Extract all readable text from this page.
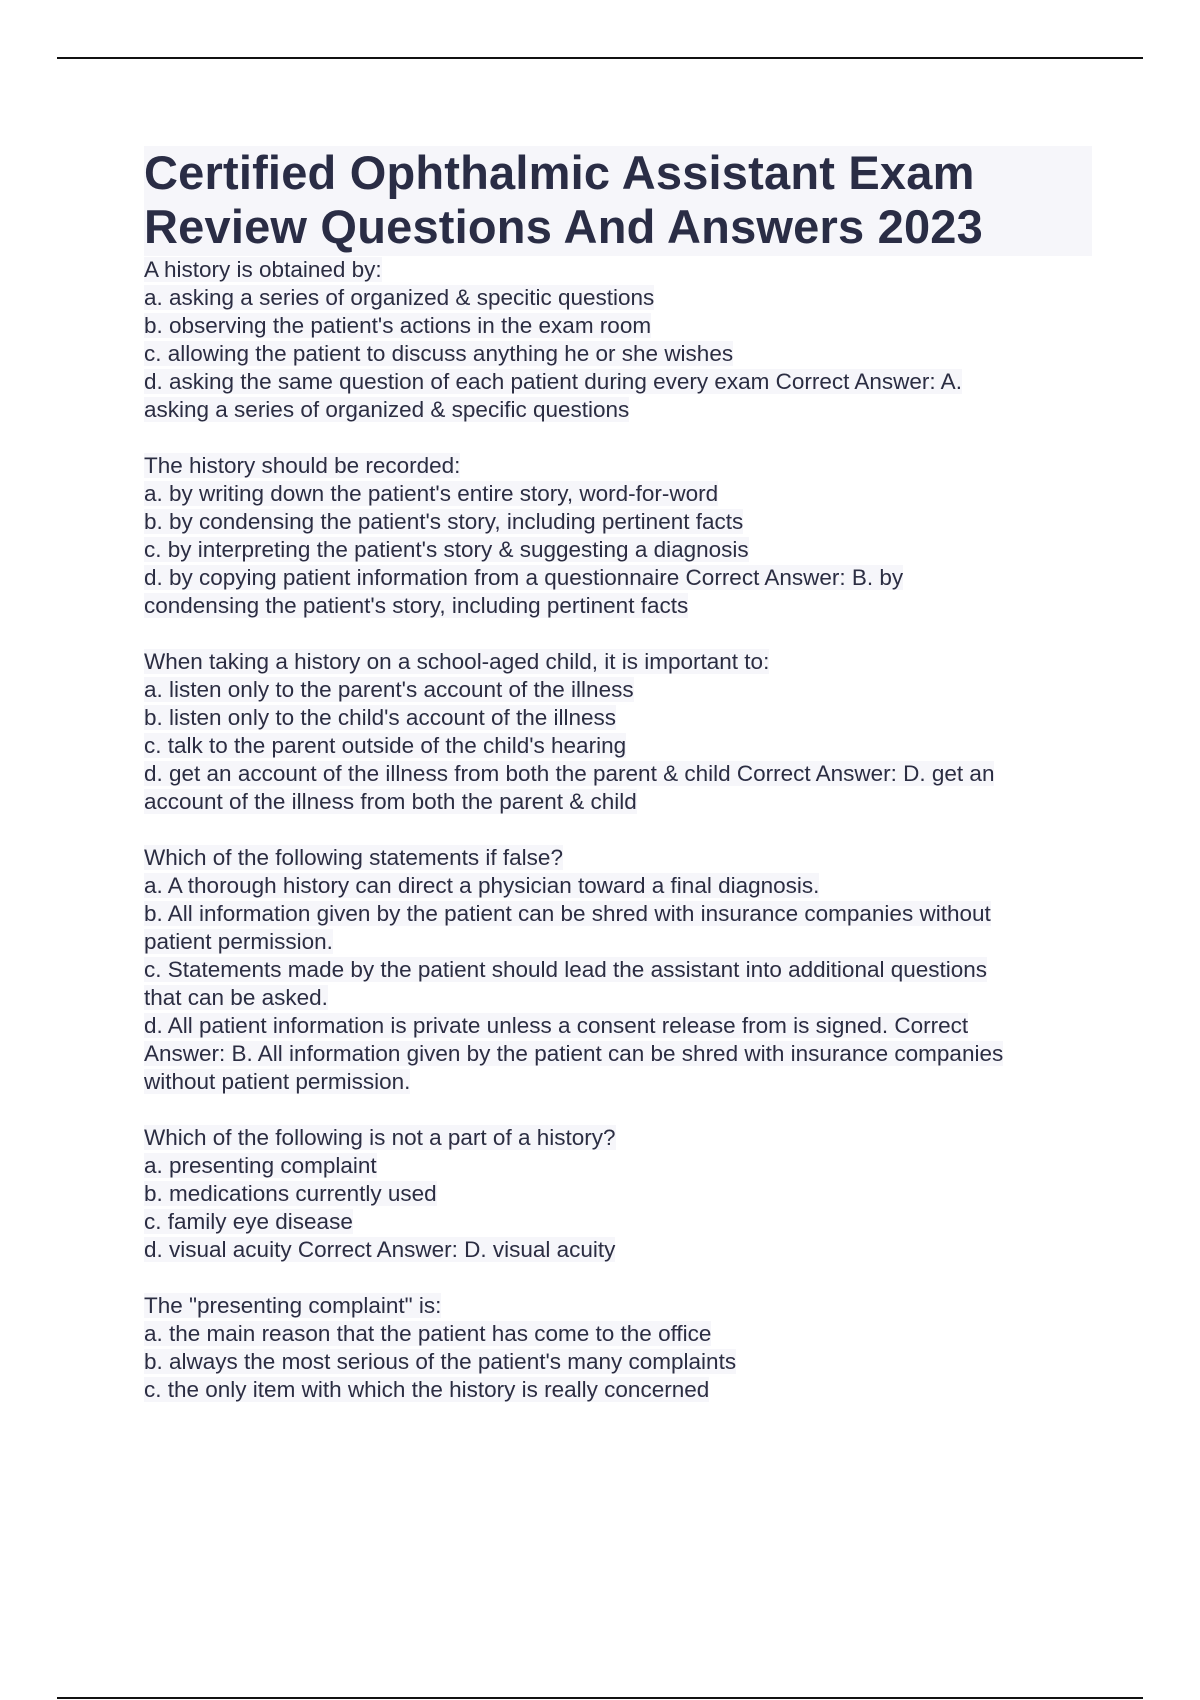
Certified Ophthalmic Assistant Exam
Review Questions And Answers 2023
A history is obtained by:
a. asking a series of organized & specitic questions
b. observing the patient's actions in the exam room
c. allowing the patient to discuss anything he or she wishes
d. asking the same question of each patient during every exam Correct Answer: A.
asking a series of organized & specific questions
The history should be recorded:
a. by writing down the patient's entire story, word-for-word
b. by condensing the patient's story, including pertinent facts
c. by interpreting the patient's story & suggesting a diagnosis
d. by copying patient information from a questionnaire Correct Answer: B. by
condensing the patient's story, including pertinent facts
When taking a history on a school-aged child, it is important to:
a. listen only to the parent's account of the illness
b. listen only to the child's account of the illness
c. talk to the parent outside of the child's hearing
d. get an account of the illness from both the parent & child Correct Answer: D. get an
account of the illness from both the parent & child
Which of the following statements if false?
a. A thorough history can direct a physician toward a final diagnosis.
b. All information given by the patient can be shred with insurance companies without
patient permission.
c. Statements made by the patient should lead the assistant into additional questions
that can be asked.
d. All patient information is private unless a consent release from is signed. Correct
Answer: B. All information given by the patient can be shred with insurance companies
without patient permission.
Which of the following is not a part of a history?
a. presenting complaint
b. medications currently used
c. family eye disease
d. visual acuity Correct Answer: D. visual acuity
The "presenting complaint" is:
a. the main reason that the patient has come to the office
b. always the most serious of the patient's many complaints
c. the only item with which the history is really concerned
